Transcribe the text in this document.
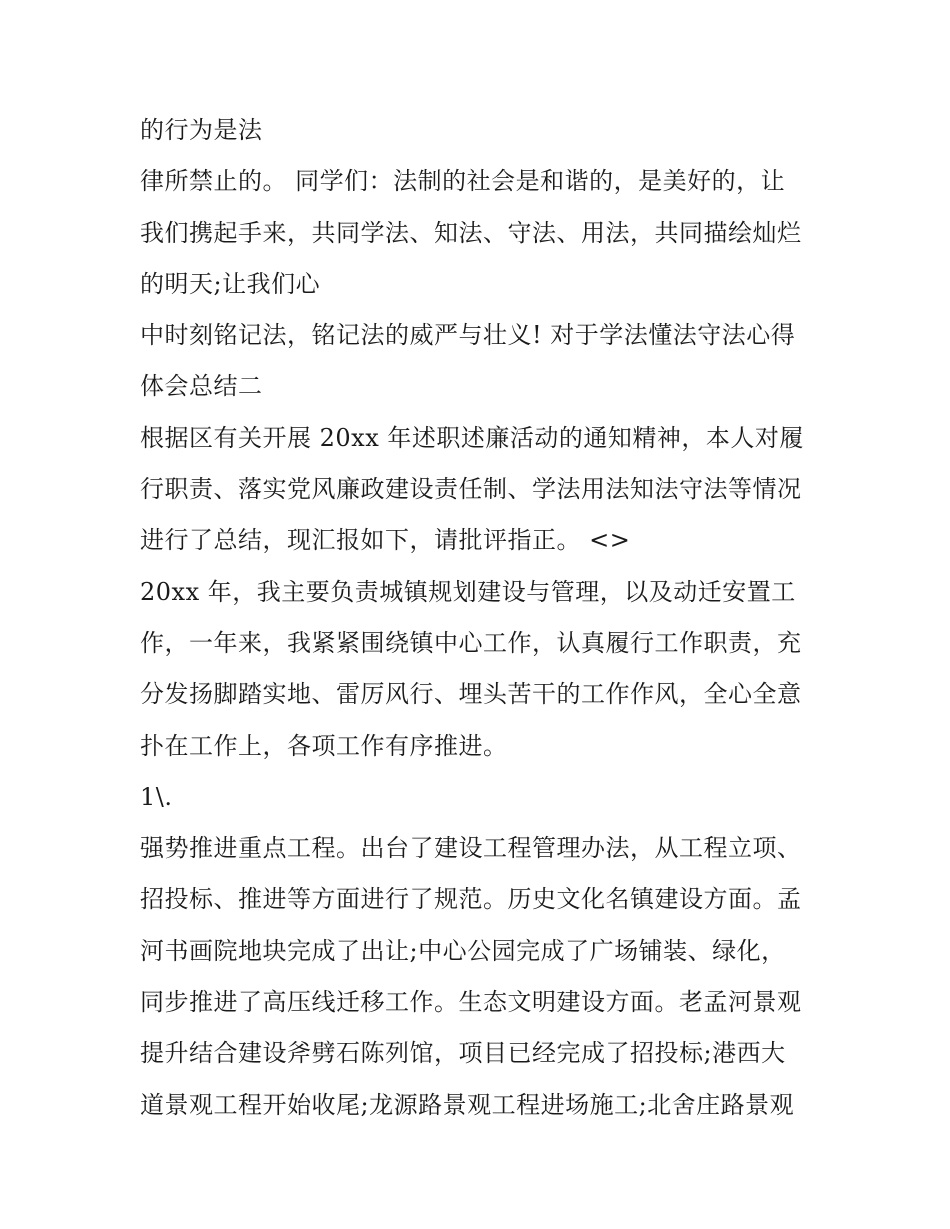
的行为是法
律所禁止的。 同学们：法制的社会是和谐的，是美好的，让
我们携起手来，共同学法、知法、守法、用法，共同描绘灿烂
的明天;让我们心
中时刻铭记法，铭记法的威严与壮义! 对于学法懂法守法心得
体会总结二
根据区有关开展 20xx 年述职述廉活动的通知精神，本人对履
行职责、落实党风廉政建设责任制、学法用法知法守法等情况
进行了总结，现汇报如下，请批评指正。 <>
20xx 年，我主要负责城镇规划建设与管理，以及动迁安置工
作，一年来，我紧紧围绕镇中心工作，认真履行工作职责，充
分发扬脚踏实地、雷厉风行、埋头苦干的工作作风，全心全意
扑在工作上，各项工作有序推进。
1\.
强势推进重点工程。出台了建设工程管理办法，从工程立项、
招投标、推进等方面进行了规范。历史文化名镇建设方面。孟
河书画院地块完成了出让;中心公园完成了广场铺装、绿化，
同步推进了高压线迁移工作。生态文明建设方面。老孟河景观
提升结合建设斧劈石陈列馆，项目已经完成了招投标;港西大
道景观工程开始收尾;龙源路景观工程进场施工;北舍庄路景观
